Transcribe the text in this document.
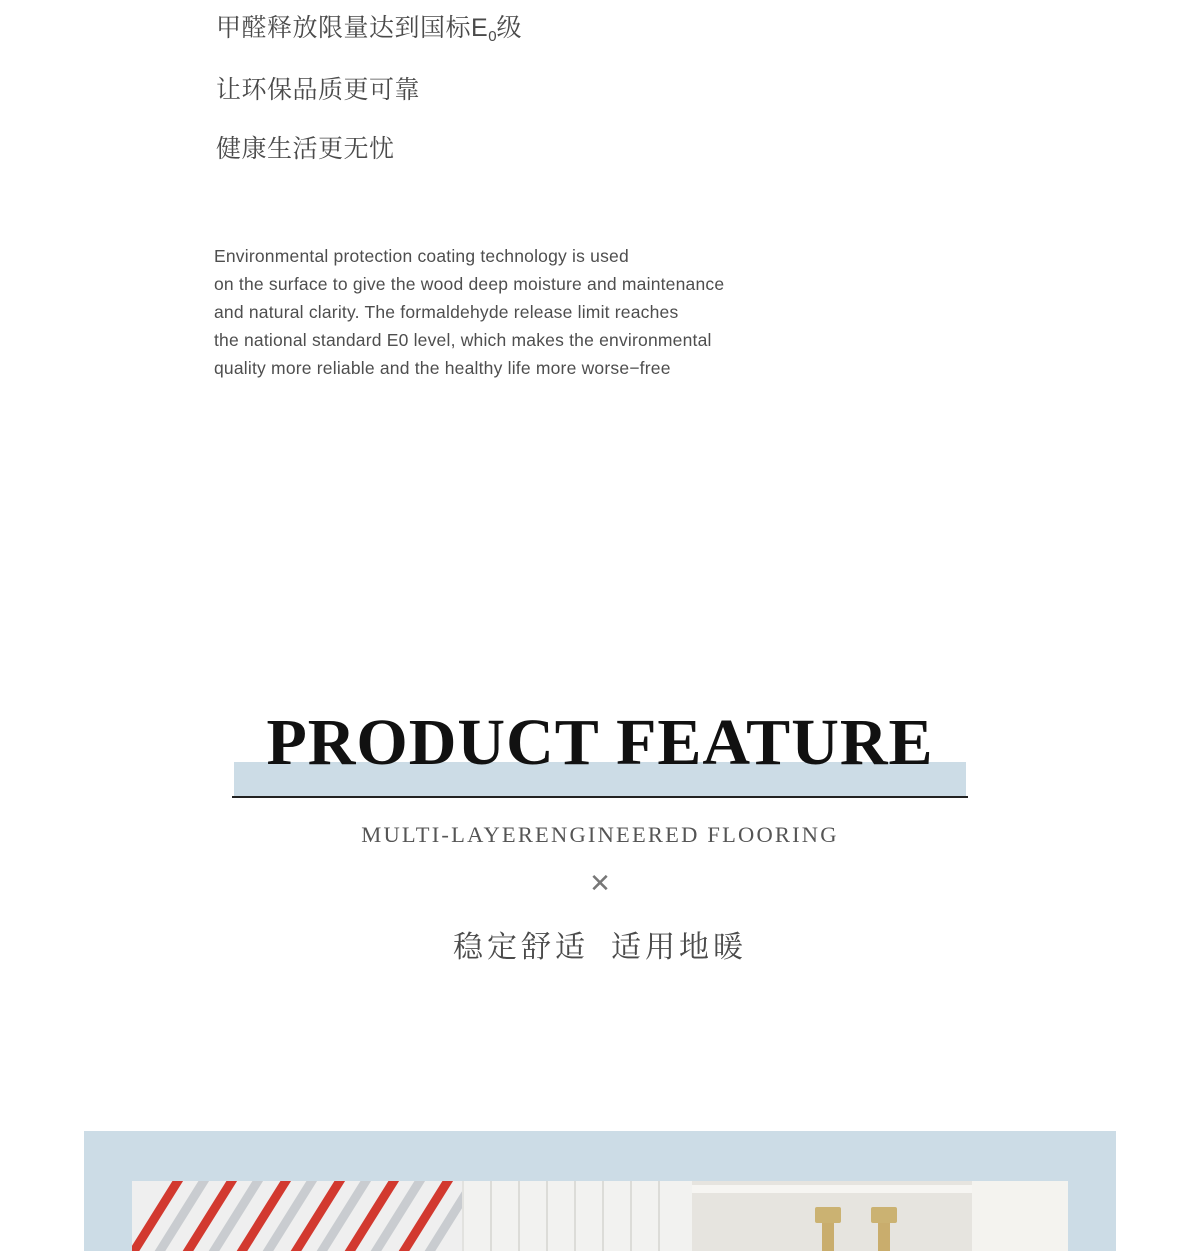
甲醛释放限量达到国标$E_0$级
让环保品质更可靠
健康生活更无忧
Environmental protection coating technology is used
on the surface to give the wood deep moisture and maintenance
and natural clarity. The formaldehyde release limit reaches
the national standard E0 level, which makes the environmental
quality more reliable and the healthy life more worse−free
PRODUCT FEATURE
MULTI-LAYERENGINEERED FLOORING
✕
稳定舒适 适用地暖
